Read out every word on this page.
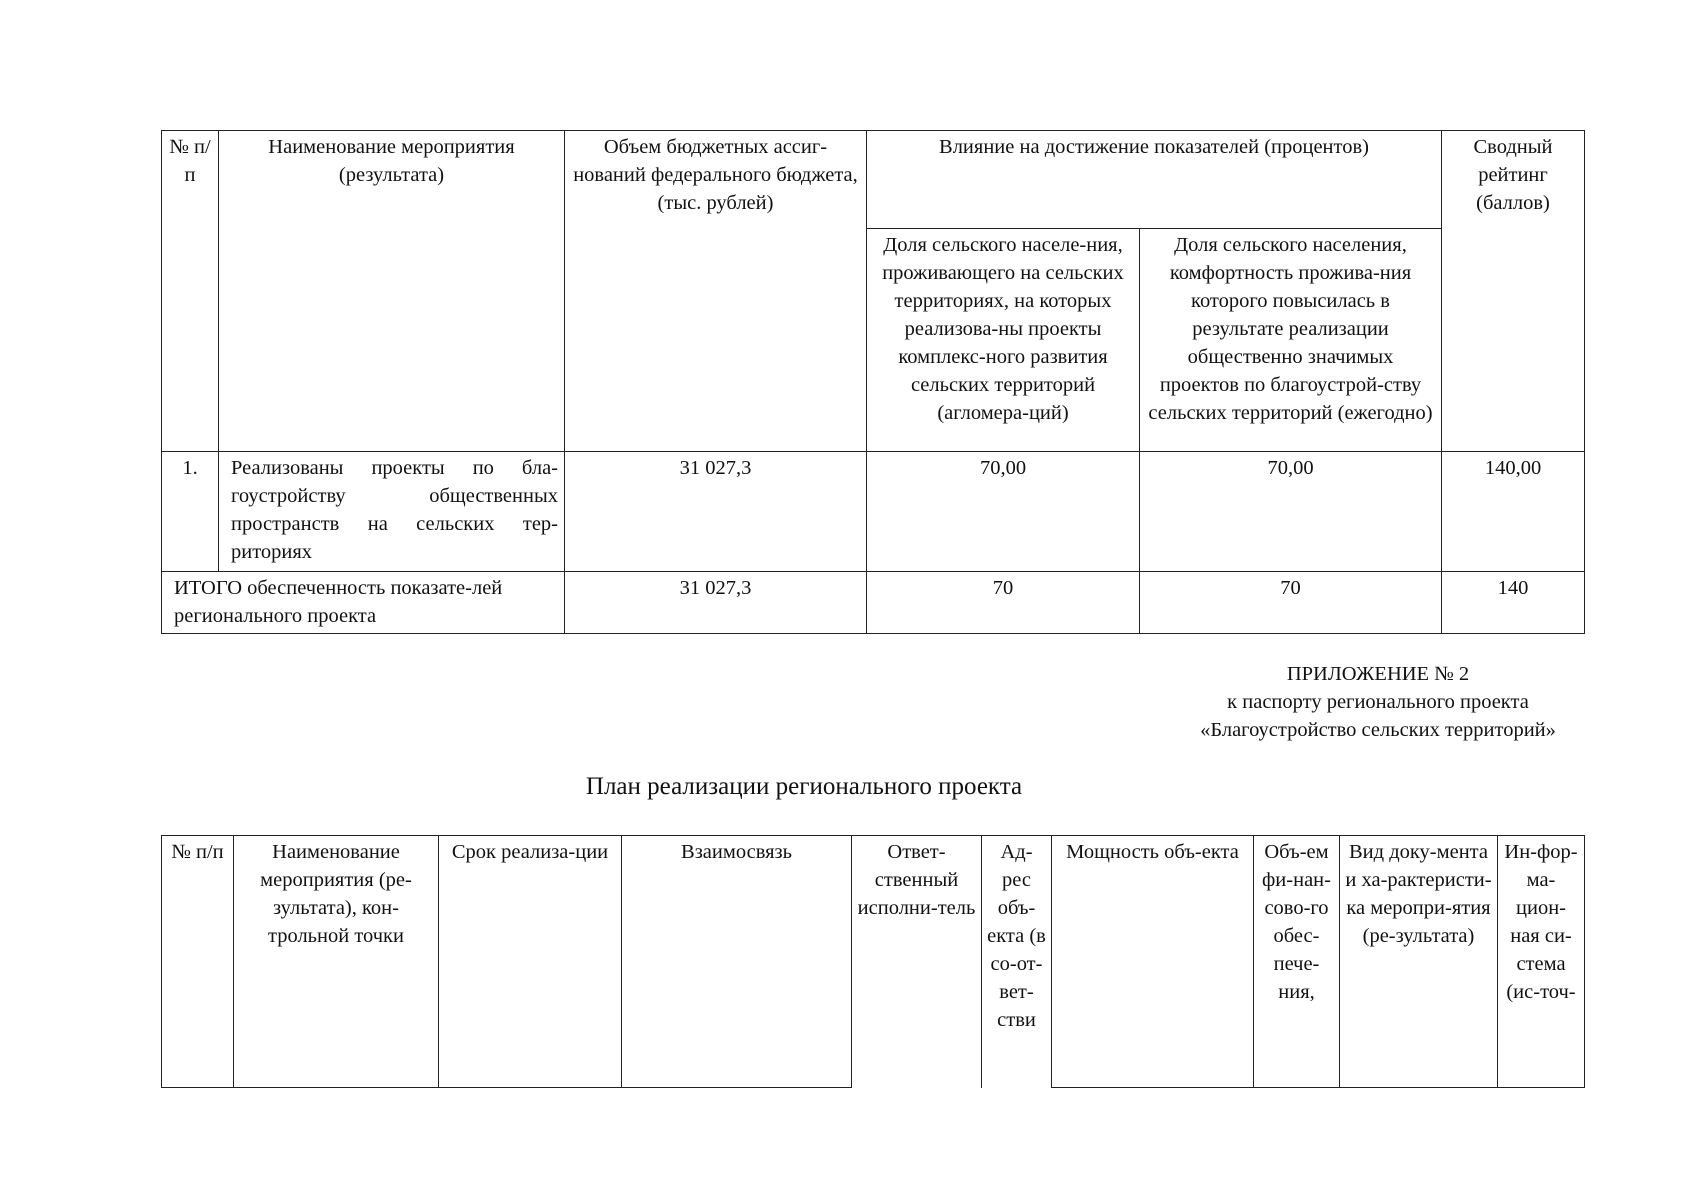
№ п/п	Наименование мероприятия (результата)	Объем бюджетных ассиг-нований федерального бюджета, (тыс. рублей)	Влияние на достижение показателей (процентов)		Сводный рейтинг (баллов)
			Доля сельского населе-ния, проживающего на сельских территориях, на которых реализова-ны проекты комплекс-ного развития сельских территорий (агломера-ций)	Доля сельского населения, комфортность прожива-ния которого повысилась в результате реализации общественно значимых проектов по благоустрой-ству сельских территорий (ежегодно)	
1.	Реализованы проекты по бла-гоустройству общественных пространств на сельских тер-риториях	31 027,3	70,00	70,00	140,00
ИТОГО обеспеченность показате-лей регионального проекта		31 027,3	70	70	140
ПРИЛОЖЕНИЕ № 2
к паспорту регионального проекта
«Благоустройство сельских территорий»
План реализации регионального проекта
№ п/п	Наименование мероприятия (ре-зультата), кон-трольной точки	Срок реализа-ции	Взаимосвязь	Ответ-ственный исполни-тель	Ад-рес объ-екта (в со-от-вет-стви	Мощность объ-екта	Объ-ем фи-нан-сово-го обес-пече-ния,	Вид доку-мента и ха-рактеристи-ка меропри-ятия (ре-зультата)	Ин-фор-ма-цион-ная си-стема (ис-точ-
